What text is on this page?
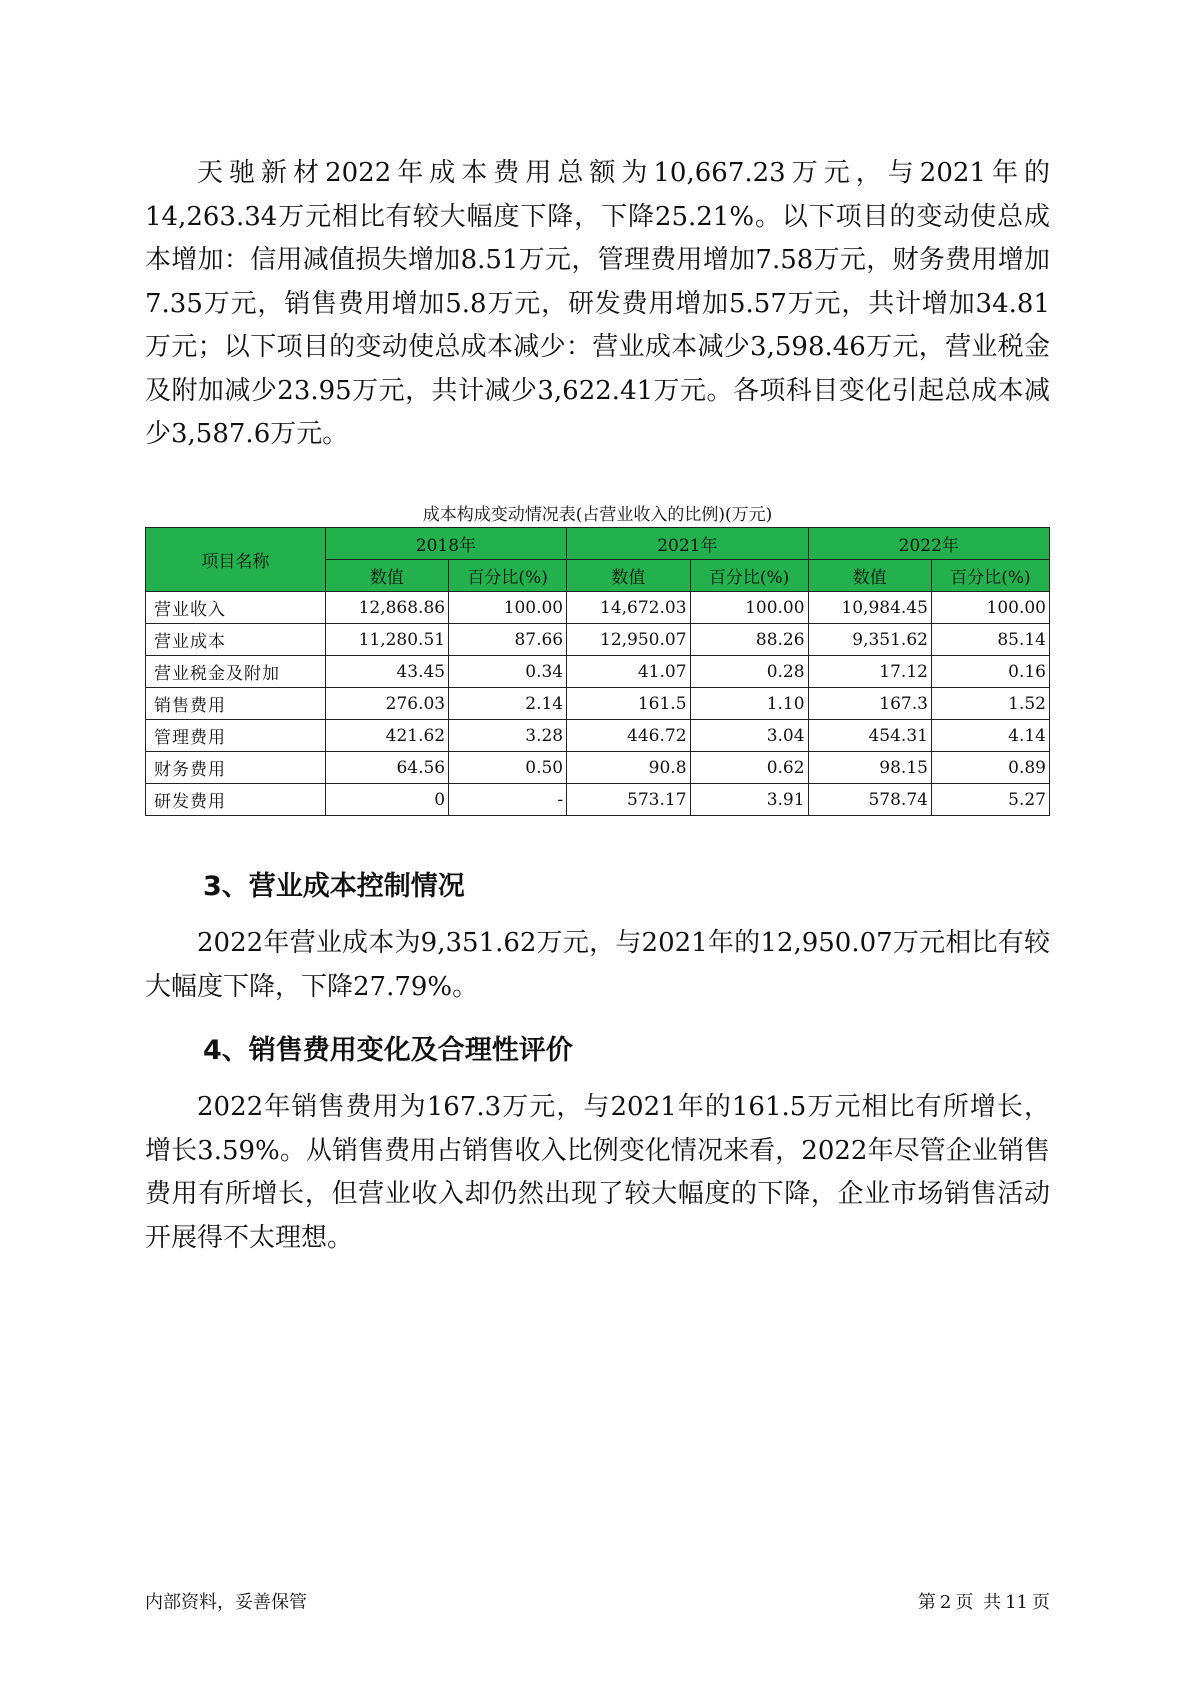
天驰新材2022年成本费用总额为10,667.23万元，与2021年的14,263.34万元相比有较大幅度下降，下降25.21%。以下项目的变动使总成本增加：信用减值损失增加8.51万元，管理费用增加7.58万元，财务费用增加7.35万元，销售费用增加5.8万元，研发费用增加5.57万元，共计增加34.81万元；以下项目的变动使总成本减少：营业成本减少3,598.46万元，营业税金及附加减少23.95万元，共计减少3,622.41万元。各项科目变化引起总成本减少3,587.6万元。

成本构成变动情况表(占营业收入的比例)(万元)

项目名称	2018年		2021年		2022年	
	数值	百分比(%)	数值	百分比(%)	数值	百分比(%)
营业收入	12,868.86	100.00	14,672.03	100.00	10,984.45	100.00
营业成本	11,280.51	87.66	12,950.07	88.26	9,351.62	85.14
营业税金及附加	43.45	0.34	41.07	0.28	17.12	0.16
销售费用	276.03	2.14	161.5	1.10	167.3	1.52
管理费用	421.62	3.28	446.72	3.04	454.31	4.14
财务费用	64.56	0.50	90.8	0.62	98.15	0.89
研发费用	0	-	573.17	3.91	578.74	5.27
3、营业成本控制情况

2022年营业成本为9,351.62万元，与2021年的12,950.07万元相比有较大幅度下降，下降27.79%。

4、销售费用变化及合理性评价

2022年销售费用为167.3万元，与2021年的161.5万元相比有所增长，增长3.59%。从销售费用占销售收入比例变化情况来看，2022年尽管企业销售费用有所增长，但营业收入却仍然出现了较大幅度的下降，企业市场销售活动开展得不太理想。

内部资料，妥善保管	第 2 页 共 11 页
